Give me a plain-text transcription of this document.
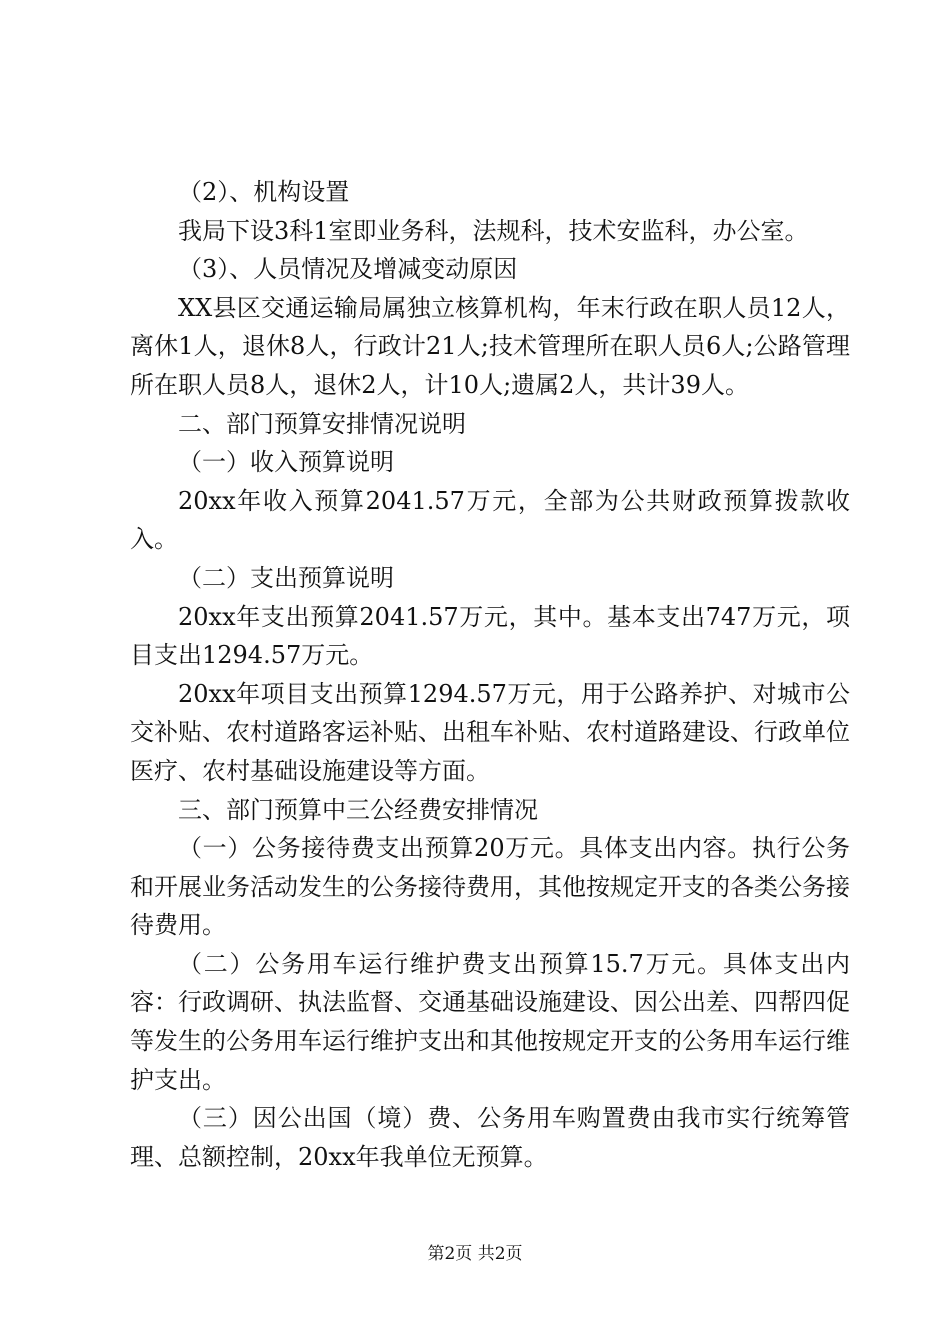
（2）、机构设置

我局下设3科1室即业务科，法规科，技术安监科，办公室。

（3）、人员情况及增减变动原因

XX县区交通运输局属独立核算机构，年末行政在职人员12人，离休1人，退休8人，行政计21人;技术管理所在职人员6人;公路管理所在职人员8人，退休2人，计10人;遗属2人，共计39人。

二、部门预算安排情况说明

（一）收入预算说明

20xx年收入预算2041.57万元，全部为公共财政预算拨款收入。

（二）支出预算说明

20xx年支出预算2041.57万元，其中。基本支出747万元，项目支出1294.57万元。

20xx年项目支出预算1294.57万元，用于公路养护、对城市公交补贴、农村道路客运补贴、出租车补贴、农村道路建设、行政单位医疗、农村基础设施建设等方面。

三、部门预算中三公经费安排情况

（一）公务接待费支出预算20万元。具体支出内容。执行公务和开展业务活动发生的公务接待费用，其他按规定开支的各类公务接待费用。

（二）公务用车运行维护费支出预算15.7万元。具体支出内容：行政调研、执法监督、交通基础设施建设、因公出差、四帮四促等发生的公务用车运行维护支出和其他按规定开支的公务用车运行维护支出。

（三）因公出国（境）费、公务用车购置费由我市实行统筹管理、总额控制，20xx年我单位无预算。

第2页 共2页
